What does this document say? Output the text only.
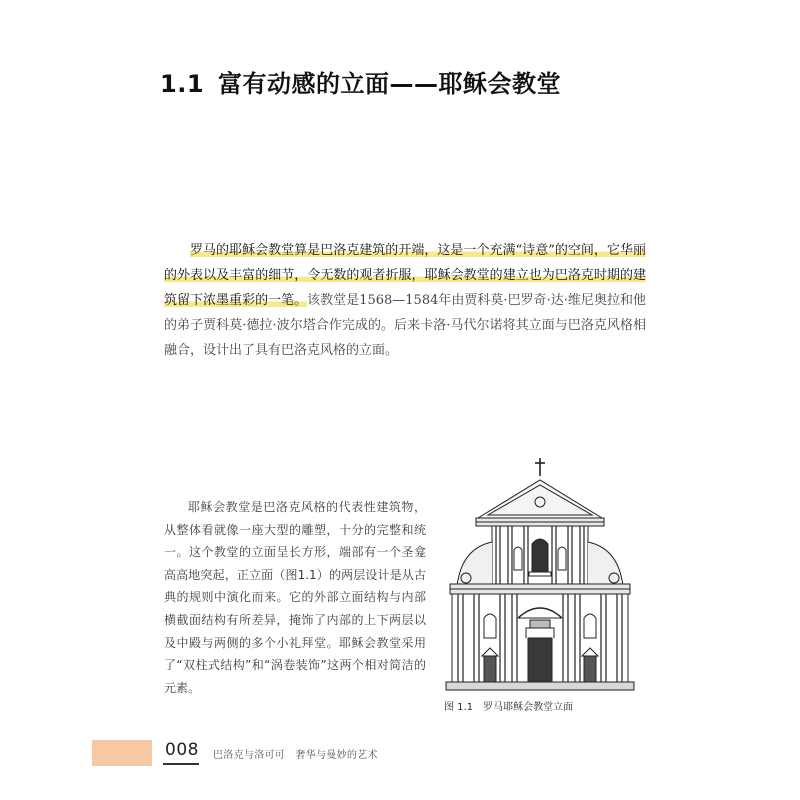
1.1 富有动感的立面——耶稣会教堂
罗马的耶稣会教堂算是巴洛克建筑的开端，这是一个充满“诗意”的空间，它华丽的外表以及丰富的细节，令无数的观者折服，耶稣会教堂的建立也为巴洛克时期的建筑留下浓墨重彩的一笔。该教堂是1568—1584年由贾科莫·巴罗奇·达·维尼奥拉和他的弟子贾科莫·德拉·波尔塔合作完成的。后来卡洛·马代尔诺将其立面与巴洛克风格相融合，设计出了具有巴洛克风格的立面。
耶稣会教堂是巴洛克风格的代表性建筑物，从整体看就像一座大型的雕塑，十分的完整和统一。这个教堂的立面呈长方形，端部有一个圣龛高高地突起，正立面（图1.1）的两层设计是从古典的规则中演化而来。它的外部立面结构与内部横截面结构有所差异，掩饰了内部的上下两层以及中殿与两侧的多个小礼拜堂。耶稣会教堂采用了“双柱式结构”和“涡卷装饰”这两个相对简洁的元素。
图 1.1 罗马耶稣会教堂立面
008 巴洛克与洛可可　奢华与曼妙的艺术
